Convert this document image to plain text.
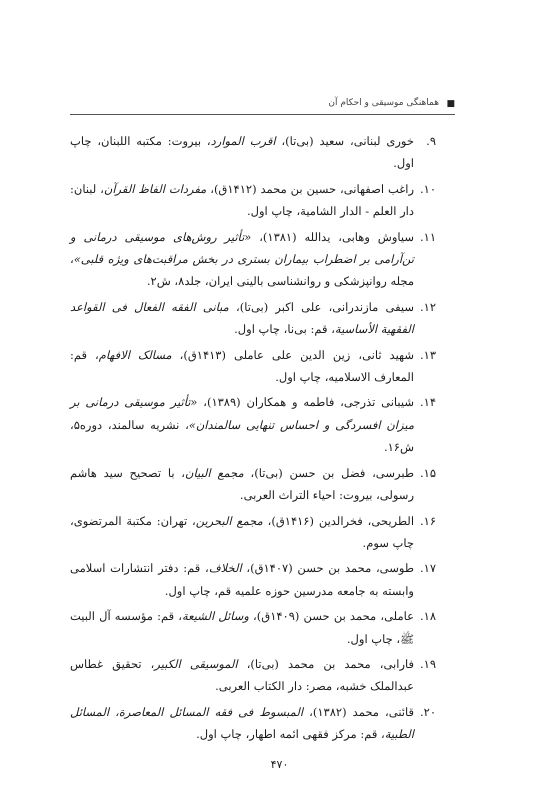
■
هماهنگی موسیقی و احکام آن

۹.
خوری لبنانی، سعید (بی‌تا)، اقرب الموارد، بیروت: مکتبه اللبنان، چاپ اول.

۱۰.
راغب اصفهانی، حسین بن محمد (۱۴۱۲ق)، مفردات الفاظ القرآن، لبنان: دار العلم - الدار الشامیة، چاپ اول.

۱۱.
سیاوش وهابی، یدالله (۱۳۸۱)، «تأثیر روش‌های موسیقی درمانی و تن‌آرامی بر اضطراب بیماران بستری در بخش مراقبت‌های ویژه قلبی»، مجله روانپزشکی و روانشناسی بالینی ایران، جلد۸، ش۲.

۱۲.
سیفی مازندرانی، علی اکبر (بی‌تا)، مبانی الفقه الفعال فی القواعد الفقهیة الأساسیة، قم: بی‌نا، چاپ اول.

۱۳.
شهید ثانی، زین الدین علی عاملی (۱۴۱۳ق)، مسالک الافهام، قم: المعارف الاسلامیه، چاپ اول.

۱۴.
شیبانی تذرجی، فاطمه و همکاران (۱۳۸۹)، «تأثیر موسیقی درمانی بر میزان افسردگی و احساس تنهایی سالمندان»، نشریه سالمند، دوره۵، ش۱۶.

۱۵.
طبرسی، فضل بن حسن (بی‌تا)، مجمع البیان، با تصحیح سید هاشم رسولی، بیروت: احیاء التراث العربی.

۱۶.
الطریحی، فخرالدین (۱۴۱۶ق)، مجمع البحرین، تهران: مکتبة المرتضوی، چاپ سوم.

۱۷.
طوسی، محمد بن حسن (۱۴۰۷ق)، الخلاف، قم: دفتر انتشارات اسلامی وابسته به جامعه مدرسین حوزه علمیه قم، چاپ اول.

۱۸.
عاملی، محمد بن حسن (۱۴۰۹ق)، وسائل الشیعة، قم: مؤسسه آل البیت ﷺ، چاپ اول.

۱۹.
فارابی، محمد بن محمد (بی‌تا)، الموسیقی الکبیر، تحقیق غطاس عبدالملک خشبه، مصر: دار الکتاب العربی.

۲۰.
قائنی، محمد (۱۳۸۲)، المبسوط فی فقه المسائل المعاصرة، المسائل الطبیة، قم: مرکز فقهی ائمه اطهار، چاپ اول.

۴۷۰
